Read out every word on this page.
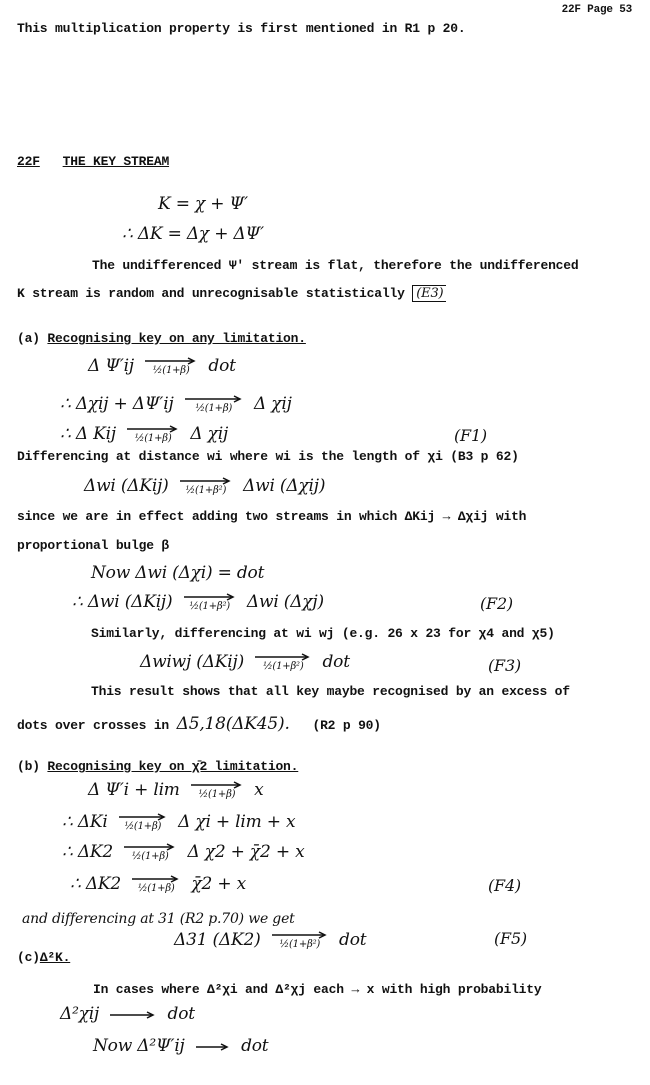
22F Page 53
This multiplication property is first mentioned in R1 p 20.
22F THE KEY STREAM
K = χ + Ψ′
∴ ΔK = Δχ + ΔΨ′
The undifferenced Ψ′ stream is flat, therefore the undifferenced
K stream is random and unrecognisable statistically (E3)
(a) Recognising key on any limitation.
Δ Ψ′ij	½(1+β)	dot
∴ Δχij + ΔΨ′ij	½(1+β)	Δ χij
∴ Δ Kij	½(1+β)	Δ χij	(F1)
Differencing at distance wi where wi is the length of χi (B3 p 62)
Δwi (ΔKij)	½(1+β²) Δwi (Δχij)
since we are in effect adding two streams in which ΔKij → Δχij with
proportional bulge β
Now Δwi (Δχi) = dot
∴ Δwi (ΔKij)	½(1+β²) Δwi (Δχj)	(F2)
Similarly, differencing at wi wj (e.g. 26 x 23 for χ4 and χ5)
Δwiwj (ΔKij)	½(1+β²)	dot	(F3)
This result shows that all key maybe recognised by an excess of
dots over crosses in Δ5,18(ΔK45). (R2 p 90)
(b) Recognising key on χ̄2 limitation.
Δ Ψ′i + lim	½(1+β)	x
∴ ΔKi	½(1+β) Δ χi + lim + x
∴ ΔK2	½(1+β)	Δ χ2 + χ̄2 + x
∴ ΔK2	½(1+β) χ̄2 + x	(F4)
and differencing at 31 (R2 p.70) we get
Δ31 (ΔK2)	½(1+β²)	dot	(F5)
(c)Δ²K.
In cases where Δ²χi and Δ²χj each → x with high probability
Δ²χij	dot
Now Δ²Ψ′ij	dot
